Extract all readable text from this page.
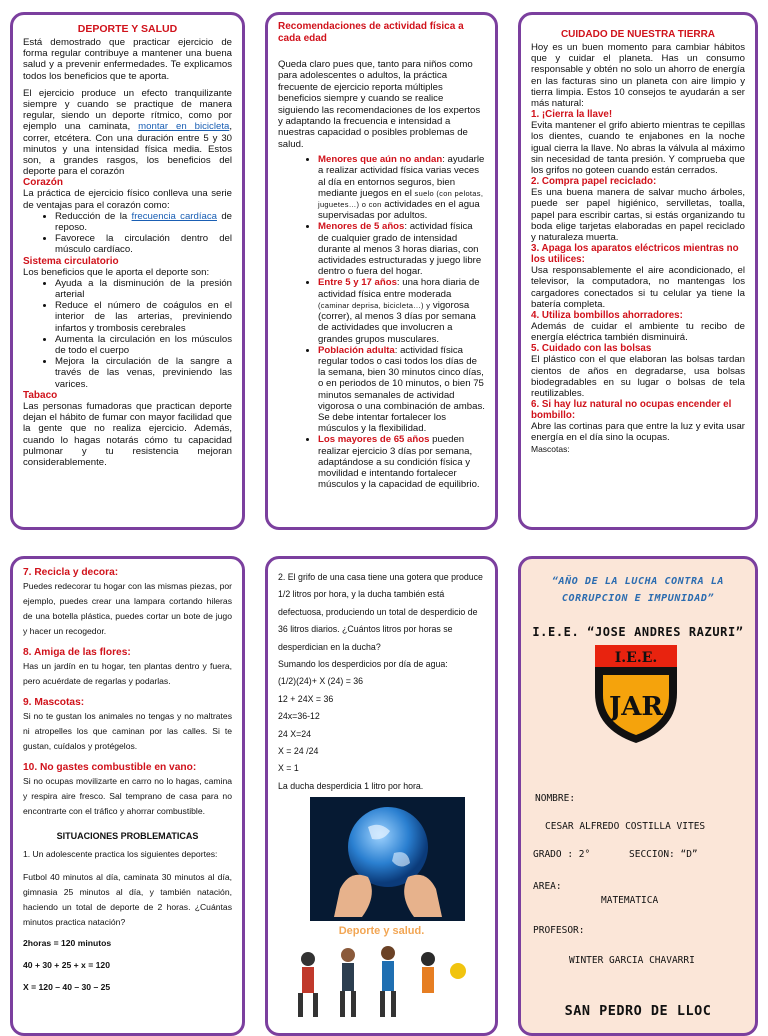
DEPORTE Y SALUD

Está demostrado que practicar ejercicio de forma regular contribuye a mantener una buena salud y a prevenir enfermedades. Te explicamos todos los beneficios que te aporta.

El ejercicio produce un efecto tranquilizante siempre y cuando se practique de manera regular, siendo un deporte rítmico, como por ejemplo una caminata, montar en bicicleta, correr, etcétera. Con una duración entre 5 y 30 minutos y una intensidad física media. Estos son, a grandes rasgos, los beneficios del deporte para el corazón

Corazón

La práctica de ejercicio físico conlleva una serie de ventajas para el corazón como:

• Reducción de la frecuencia cardíaca de reposo.
• Favorece la circulación dentro del músculo cardíaco.
Sistema circulatorio

Los beneficios que le aporta el deporte son:

• Ayuda a la disminución de la presión arterial
• Reduce el número de coágulos en el interior de las arterias, previniendo infartos y trombosis cerebrales
• Aumenta la circulación en los músculos de todo el cuerpo
• Mejora la circulación de la sangre a través de las venas, previniendo las varices.
Tabaco

Las personas fumadoras que practican deporte dejan el hábito de fumar con mayor facilidad que la gente que no realiza ejercicio. Además, cuando lo hagas notarás cómo tu capacidad pulmonar y tu resistencia mejoran considerablemente.

Recomendaciones de actividad física a cada edad

Queda claro pues que, tanto para niños como para adolescentes o adultos, la práctica frecuente de ejercicio reporta múltiples beneficios siempre y cuando se realice siguiendo las recomendaciones de los expertos y adaptando la frecuencia e intensidad a nuestras capacidad o posibles problemas de salud.

• Menores que aún no andan: ayudarle a realizar actividad física varias veces al día en entornos seguros, bien mediante juegos en el suelo (con pelotas, juguetes…) o con actividades en el agua supervisadas por adultos.
• Menores de 5 años: actividad física de cualquier grado de intensidad durante al menos 3 horas diarias, con actividades estructuradas y juego libre dentro o fuera del hogar.
• Entre 5 y 17 años: una hora diaria de actividad física entre moderada (caminar deprisa, bicicleta…) y vigorosa (correr), al menos 3 días por semana de actividades que involucren a grandes grupos musculares.
• Población adulta: actividad física regular todos o casi todos los días de la semana, bien 30 minutos cinco días, o en periodos de 10 minutos, o bien 75 minutos semanales de actividad vigorosa o una combinación de ambas. Se debe intentar fortalecer los músculos y la flexibilidad.
• Los mayores de 65 años pueden realizar ejercicio 3 días por semana, adaptándose a su condición física y movilidad e intentando fortalecer músculos y la capacidad de equilibrio.
CUIDADO DE NUESTRA TIERRA

Hoy es un buen momento para cambiar hábitos que y cuidar el planeta. Has un consumo responsable y obtén no solo un ahorro de energía en las facturas sino un planeta con aire limpio y tierra limpia. Estos 10 consejos te ayudarán a ser más natural:

1. ¡Cierra la llave!

Evita mantener el grifo abierto mientras te cepillas los dientes, cuando te enjabones en la noche igual cierra la llave. No abras la válvula al máximo sin necesidad de tanta presión. Y comprueba que los grifos no goteen cuando están cerrados.

2. Compra papel reciclado:

Es una buena manera de salvar mucho árboles, puede ser papel higiénico, servilletas, toalla, papel para escribir cartas, si estás organizando tu boda elige tarjetas elaboradas en papel reciclado y naturaleza muerta.

3. Apaga los aparatos eléctricos mientras no los utilices:

Usa responsablemente el aire acondicionado, el televisor, la computadora, no mantengas los cargadores conectados si tu celular ya tiene la batería completa.

4. Utiliza bombillos ahorradores:

Además de cuidar el ambiente tu recibo de energía eléctrica también disminuirá.

5. Cuidado con las bolsas

El plástico con el que elaboran las bolsas tardan cientos de años en degradarse, usa bolsas biodegradables en su lugar o bolsas de tela reutilizables.

6. Si hay luz natural no ocupas encender el bombillo:

Abre las cortinas para que entre la luz y evita usar energía en el día sino la ocupas.

Mascotas:
7. Recicla y decora:

Puedes redecorar tu hogar con las mismas piezas, por ejemplo, puedes crear una lampara cortando hileras de una botella plástica, puedes cortar un bote de jugo y hacer un recogedor.

8. Amiga de las flores:

Has un jardín en tu hogar, ten plantas dentro y fuera, pero acuérdate de regarlas y podarlas.

9. Mascotas:

Si no te gustan los animales no tengas y no maltrates ni atropelles los que caminan por las calles. Si te gustan, cuídalos y protégelos.

10. No gastes combustible en vano:

Si no ocupas movilizarte en carro no lo hagas, camina y respira aire fresco. Sal temprano de casa para no encontrarte con el tráfico y ahorrar combustible.

SITUACIONES PROBLEMATICAS

1. Un adolescente practica los siguientes deportes:

Futbol 40 minutos al día, caminata 30 minutos al día, gimnasia 25 minutos al día, y también natación, haciendo un total de deporte de 2 horas. ¿Cuántas minutos practica natación?

2horas = 120 minutos

40 + 30 + 25 + x = 120

X = 120 – 40 – 30 – 25

2. El grifo de una casa tiene una gotera que produce 1/2 litros por hora, y la ducha también está defectuosa, produciendo un total de desperdicio de 36 litros diarios. ¿Cuántos litros por horas se desperdician en la ducha?

Sumando los desperdicios por día de agua:

(1/2)(24)+ X (24) = 36

12 + 24X = 36

24x=36-12

24 X=24

X = 24 /24

X = 1

La ducha desperdicia 1 litro por hora.

Deporte y salud.
“AÑO DE LA LUCHA CONTRA LA CORRUPCION E IMPUNIDAD”
I.E.E. “JOSE ANDRES RAZURI”
I.E.E.
JAR
NOMBRE:
CESAR ALFREDO COSTILLA VITES
GRADO : 2°	SECCION: “D”
AREA:
MATEMATICA
PROFESOR:
WINTER GARCIA CHAVARRI
SAN PEDRO DE LLOC
